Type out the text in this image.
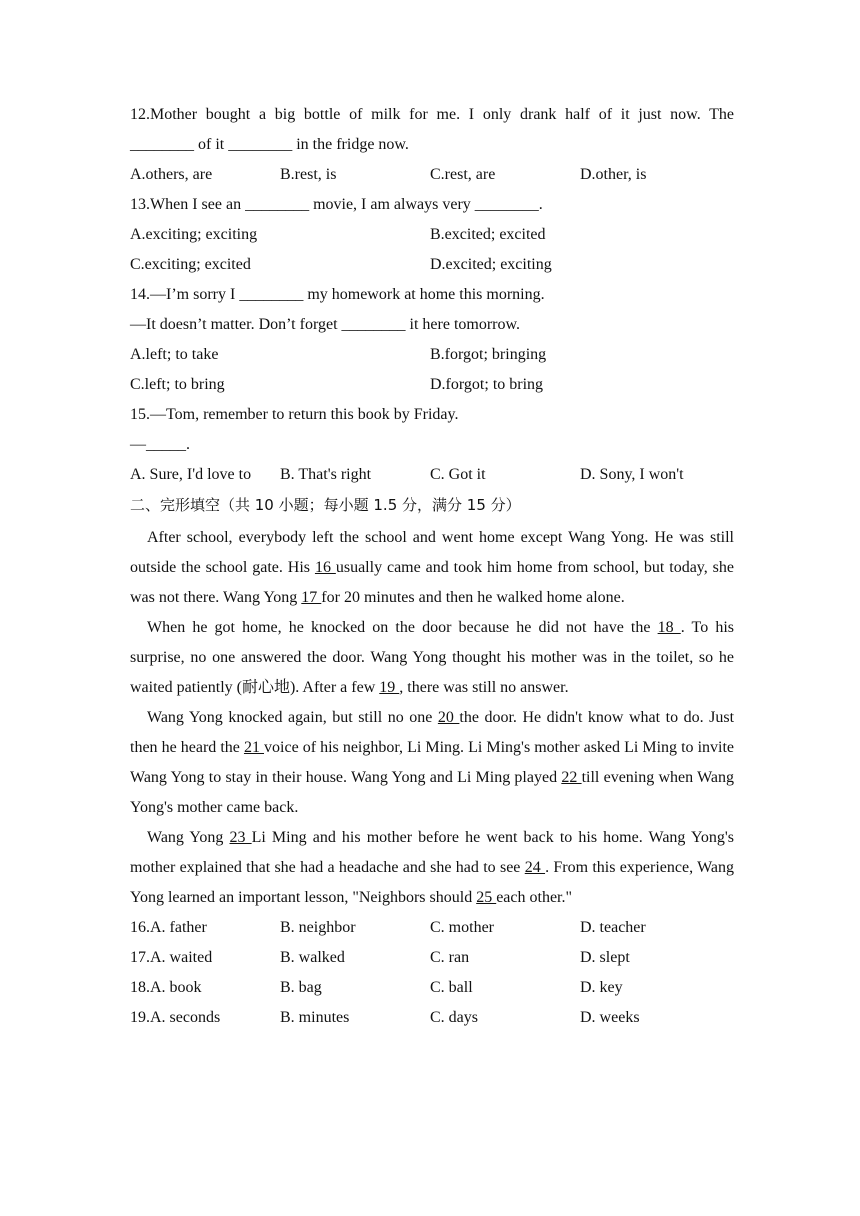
12.Mother bought a big bottle of milk for me. I only drank half of it just now. The
________ of it ________ in the fridge now.
A.others, are	B.rest, is	C.rest, are	D.other, is
13.When I see an ________ movie, I am always very ________.
A.exciting; exciting	B.excited; excited
C.exciting; excited	D.excited; exciting
14.—I’m sorry I ________ my homework at home this morning.
—It doesn’t matter. Don’t forget ________ it here tomorrow.
A.left; to take	B.forgot; bringing
C.left; to bring	D.forgot; to bring
15.—Tom, remember to return this book by Friday.
—_____.
A. Sure, I'd love to	B. That's right	C. Got it	D. Sony, I won't
二、完形填空（共 10 小题；每小题 1.5 分，满分 15 分）

After school, everybody left the school and went home except Wang Yong. He was still outside the school gate. His 16 usually came and took him home from school, but today, she was not there. Wang Yong 17 for 20 minutes and then he walked home alone.

When he got home, he knocked on the door because he did not have the 18 . To his surprise, no one answered the door. Wang Yong thought his mother was in the toilet, so he waited patiently (耐心地). After a few 19 , there was still no answer.

Wang Yong knocked again, but still no one 20 the door. He didn't know what to do. Just then he heard the 21 voice of his neighbor, Li Ming. Li Ming's mother asked Li Ming to invite Wang Yong to stay in their house. Wang Yong and Li Ming played 22 till evening when Wang Yong's mother came back.

Wang Yong 23 Li Ming and his mother before he went back to his home. Wang Yong's mother explained that she had a headache and she had to see 24 . From this experience, Wang Yong learned an important lesson, "Neighbors should 25 each other."

16.A. father	B. neighbor	C. mother	D. teacher
17.A. waited	B. walked	C. ran	D. slept
18.A. book	B. bag	C. ball	D. key
19.A. seconds	B. minutes	C. days	D. weeks
